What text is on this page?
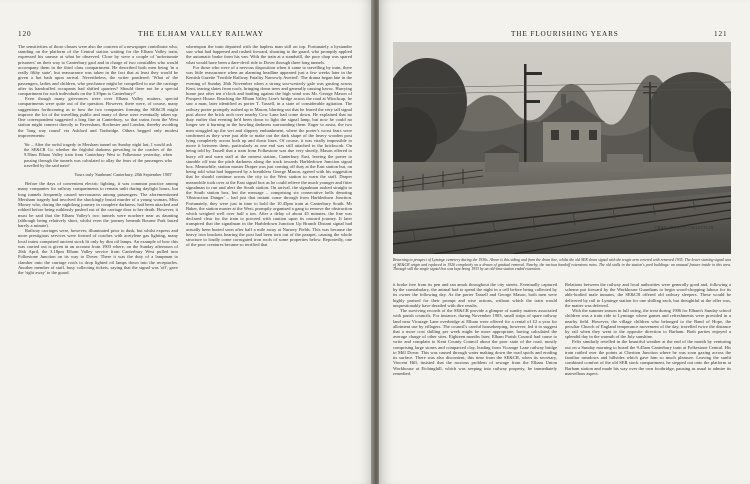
120	THE ELHAM VALLEY RAILWAY

The sensitivities of those classes were also the concern of a newspaper contributor who, standing on the platform of the Central station waiting for the Elham Valley train, expressed his unease at what he observed. Close by were a couple of 'unfortunate prisoners' on their way to Canterbury gaol and in charge of two constables who would accompany them in the third class compartment. He described both men being 'in a really filthy state', but reassurance was taken in the fact that at least they would be given a hot bath upon arrival. Nevertheless, the writer pondered: 'What of the passengers, ladies and children, who perchance might be compelled to use the carriage after its handcuffed occupants had shifted quarters? Should there not be a special compartment for such individuals on the 3.39pm to Canterbury?'

Even though many grievances were over Elham Valley matters, special compartments were quite out of the question. However, there were, of course, many suggestions forthcoming as to how the two companies forming the SE&CR might improve the lot of the travelling public and many of these were eventually taken up. One correspondent suggested a long line at Canterbury, so that trains from the West station might connect directly to Faversham, Rochester and London, thereby avoiding the 'long way round' via Ashford and Tonbridge. Others begged only modest improvements:

'Sir – After the awful tragedy in Mersham tunnel on Sunday night last, I would ask the SE&CR Co. whether the frightful darkness prevailing in the coaches of the 9.58am Elham Valley train from Canterbury West to Folkestone yesterday, when passing through the tunnels was calculated to allay the fears of the passengers who travelled by the said train?

Yours truly 'Sunbeam' Canterbury, 28th September 1905'

Before the days of convenient electric lighting, it was common practice among many companies for railway compartments to remain unlit during daylight hours, but long tunnels frequently caused nervousness among passengers. The aforementioned Mersham tragedy had involved the shockingly brutal murder of a young woman, Miss Money who, during the nightlong journey in complete darkness, had been attacked and robbed before being ruthlessly pushed out of the carriage door to her death. However, it must be said that the Elham Valley's two tunnels were nowhere near as daunting (although being relatively short, whilst even the journey beneath Bourne Park lasted barely a minute).

Railway carriages were, however, illuminated prior to dusk, but whilst express and more prestigious services were formed of coaches with acetylene gas lighting, many local trains comprised ancient stock lit only by dim oil lamps. An example of how this was carried out is given in an account from 1903 where, on the Sunday afternoon of 26th April, the 3.18pm Elham Valley service from Canterbury West pulled into Folkestone Junction on its way to Dover. There it was the duty of a lampman to clamber onto the carriage roofs to drop lighted oil lamps down into the receptacles. Another member of staff, busy collecting tickets, saying that the signal was 'off', gave the 'right away' to the guard.

whereupon the train departed with the hapless man still on top. Fortunately a bystander saw what had happened and rushed forward, shouting to the guard, who promptly applied the automatic brake from his van. With the train at a standstill, the poor chap was spared what would have been a dare-devil ride to Dover through three long tunnels.

For those who were of a nervous disposition when it came to travelling by train, there was little reassurance when an alarming headline appeared just a few weeks later in the Kentish Gazette 'Terrible Railway Fatality Narrowly Averted'. The drama began late in the evening of Sunday 26th November when a strong sou-westerly gale was gusting across Kent, tearing slates from roofs, bringing down trees and generally causing havoc. Hurrying home just after ten o'clock and battling against the high wind was Mr. George Mason of Prospect House. Reaching the Elham Valley Line's bridge across the road at Winchcap, he saw a man, later identified as porter T. Tassell, in a state of considerable agitation. The railway porter promptly rushed up to Mason, blurting out that he feared the very tall signal post above the brick arch over nearby Cow Lane had come down. He explained that no duty earlier that evening he'd been down to light the signal lamp, but now he could no longer see it burning in the howling darkness surrounding them. Eager to assist, the two men struggled up the wet and slippery embankment, where the porter's worst fears were confirmed as they were just able to make out the dark shape of the heavy wooden post lying completely across both up and down lines. Of course, it was vitally impossible to move it between them, particularly as one end was still attached to the brickwork. On being told by Tassell that a train from Folkestone was due very shortly, Mason offered to hurry off and warn staff at the nearest station, Canterbury East, leaving the porter to stumble off into the pitch darkness along the track towards Harbledown Junction signal box. Meanwhile, station master Draper was just coming off duty at the East station but, on being told what had happened by a breathless George Mason, agreed with his suggestion that he should continue across the city to the West station to warn the staff. Draper meanwhile took over at the East signal box as he could relieve the much younger and fitter signalman to run and alert the South station. On arrival, the signalman rushed straight to the South station box, but the message – comprising six consecutive bells denoting 'Obstruction Danger' – had just that instant come through from Harbledown Junction. Fortunately, they were just in time to hold the 10.45pm train at Canterbury South. Mr Baker, the station master at the West, promptly organised a gang to remove the obstruction which weighed well over half a ton. After a delay of about 45 minutes, the line was declared clear for the train to proceed with caution upon its onward journey. It later transpired that the signalman in the Harbledown Junction Up Branch Distant signal had actually been buried soon after half a mile away at Nursery Fields. This was because the heavy iron brackets bearing the post had been torn out of the parapet, causing the whole structure to loudly come corrugated iron roofs of some properties below. Reportedly, one of the poor creatures became so terrified that

THE FLOURISHING YEARS	121
CHRIS FRANCIS COLLECTION
Returning to prospect of Lyminge cemetery during the 1930s. Above is this siding and from the down line, whilst the old SER down signal with the tragic arm covered with removed 1935. The lower starting signal was of SE&CR origin and replaced in 1926 completely on a drawn of gradual removal. Nearby, the various handoff extensions ruins. The old stalls in the station's yard buildings: an unusual feature inside in this area. Through still the single signal box was kept being 1933 by an old-time station ended extension.

it broke free from its pen and ran amok throughout the city streets. Eventually captured by the constabulary, the animal had to spend the night in a cell before being collected by its owner the following day. As the porter Tassell and George Mason, both men were highly praised for their prompt and wise actions, without which the train would unquestionably have derailed with dire results.

The surviving records of the SE&CR provide a glimpse of sundry matters associated with parish councils. For instance, during November 1903, small strips of spare railway land near Vicarage Lane overbridge at Elham were offered for a rental of £2 a year for allotment use by villagers. The council's careful housekeeping, however, led it to suggest that a more cost shilling per week might be more appropriate, having calculated the average charge of other sites. Eighteen months later, Elham Parish Council had cause to write and complain to Kent County Council about the poor state of the road, mostly comprising large stones and compacted clay, leading from Vicarage Lane railway bridge to Mill Down. This was caused through water making down the road spoils and eroding its surface. There was also discontent, this time from the SE&CR, when its secretary, Vincent Hill, insisted that the noxious problem of sewage from the Elham Union Workhouse at Etchinghill, which was seeping into railway property, be immediately remedied.

Relations between the railway and local authorities were generally good and, following a scheme put forward by the Workhouse Guardians to begin wood-chopping labour for its able-bodied male inmates, the SE&CR offered old railway sleepers. These would be delivered by rail to Lyminge station for one shilling each, but thoughtful at the offer was, the matter was deferred.

With the summer season in full swing, the treat during 1906 for Elham's Sunday school children was a train ride to Lyminge where games and refreshments were provided in a nearby field. However, the village children who belonged to the Band of Hope, the peculiar Church of England temperance movement of the day, travelled twice the distance by rail when they went to the opposite direction to Barham. Both parties enjoyed a splendid day in the warmth of the July sunshine.

Felix similarly revelled in the beautiful weather at the end of the month by venturing out on a Sunday morning to board the 9.45am Canterbury train at Folkestone Central. His train rattled over the points at Cheriton Junction where he was soon gazing across the familiar meadows and hillsides which gave him so much pleasure. Leaving the sunlit combined comfort of the old SER stock compartment, he stepped out onto the platform at Barham station and made his way over the own footbridge, pausing as usual to admire its marvellous aspect.
